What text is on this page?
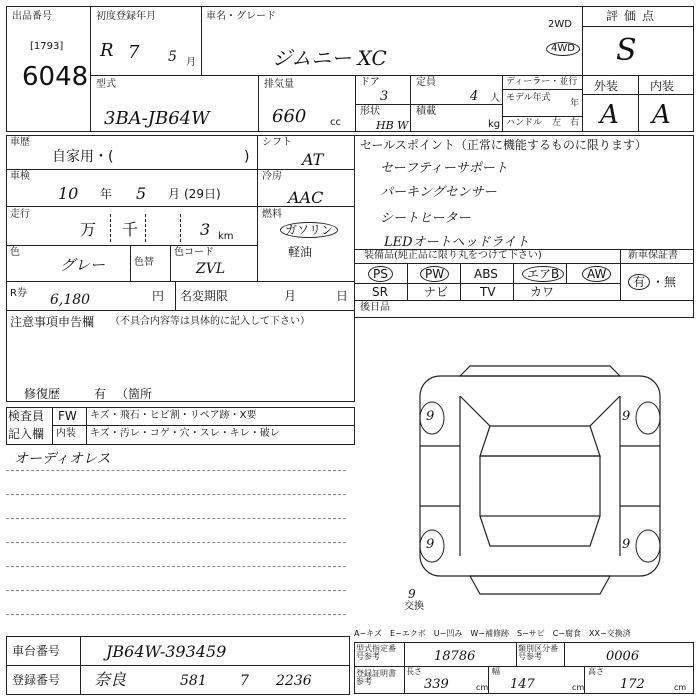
出品番号
[1793]
6048
初度登録年月
R 7 5 月
車名・グレード
ジムニー XC
2WD
4WD
評価点
S
型式
3BA-JB64W
排気量
660 cc
ドア
3
定員
4 人
形状
HB W
積載
kg
ディーラー・並行
モデル年式
年
ハンドル 左 右
外装	内装
A A
車歴
自家用・(	)
シフト
AT
車検
10 年 5 月 (29日)
冷房
AAC
走行
万 千	3 km
燃料
ガソリン
軽油
色
グレー	色替
色コード
ZVL
R券 6,180	円 名変期限	月	日
注意事項申告欄 （不具合内容等は具体的に記入して下さい）
修復歴	有 （箇所
検査員
記入欄
FW キズ・飛石・ヒビ割・リペア跡・X要
内装 キズ・汚レ・コゲ・穴・スレ・キレ・破レ
オーディオレス
セールスポイント（正常に機能するものに限ります）
セーフティーサポート
パーキングセンサー
シートヒーター
LEDオートヘッドライト
装備品(純正品に限り丸をつけて下さい)	新車保証書
PS	PW	ABS	エアB	AW
SR	ナビ	TV	カワ
有 ・ 無
後日品
9	9
9	9
9
交換
A−キズ　E−エクボ　U−凹み　W−補修跡　S−サビ　C−腐食　XX−交換済
型式指定番号参考	18786
類別区分番号参考	0006
登録証明書参考
長さ
339	cm
幅
147	cm
高さ
172	cm
車台番号	JB64W-393459
登録番号 奈良	581 7 2236
